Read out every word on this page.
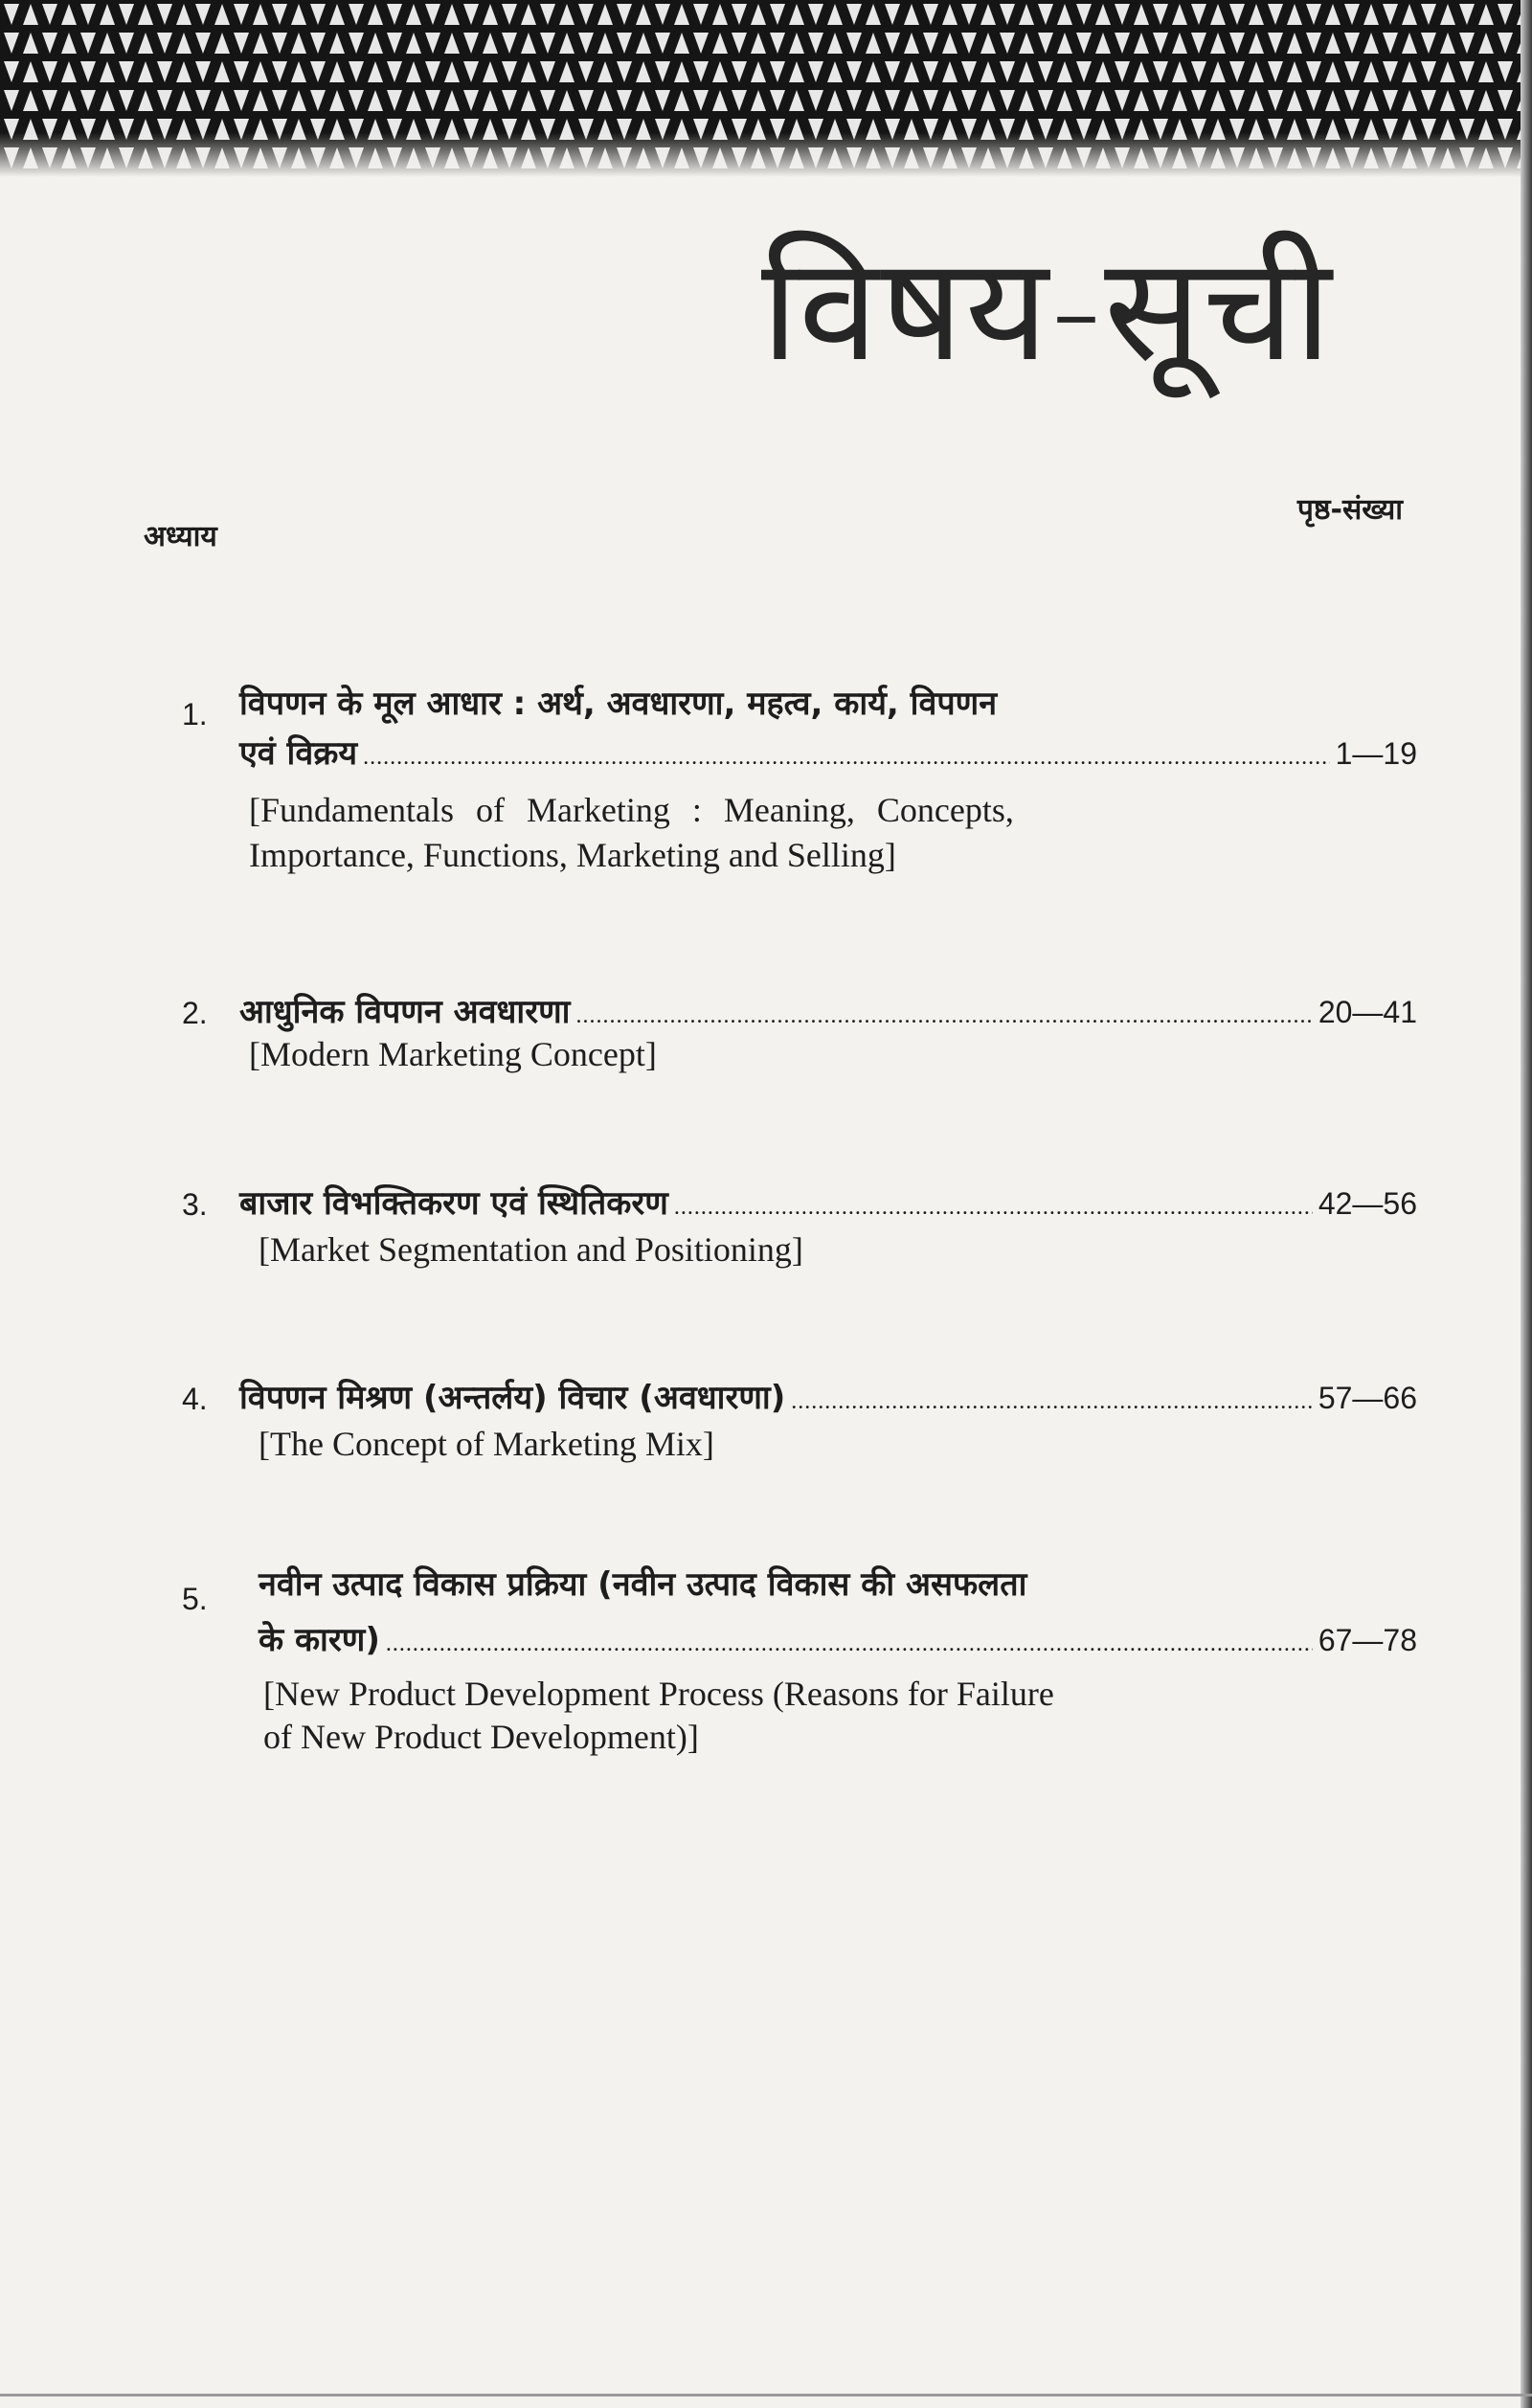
विषय-सूची
अध्याय
पृष्ठ-संख्या
1. विपणन के मूल आधार : अर्थ, अवधारणा, महत्व, कार्य, विपणन
एवं विक्रय .....	1—19
[Fundamentals of Marketing : Meaning, Concepts,
Importance, Functions, Marketing and Selling]
2. आधुनिक विपणन अवधारणा .....	20—41
[Modern Marketing Concept]
3. बाजार विभक्तिकरण एवं स्थितिकरण .....	42—56
[Market Segmentation and Positioning]
4. विपणन मिश्रण (अन्तर्लय) विचार (अवधारणा) .....	57—66
[The Concept of Marketing Mix]
5. नवीन उत्पाद विकास प्रक्रिया (नवीन उत्पाद विकास की असफलता
के कारण) .....	67—78
[New Product Development Process (Reasons for Failure
of New Product Development)]
